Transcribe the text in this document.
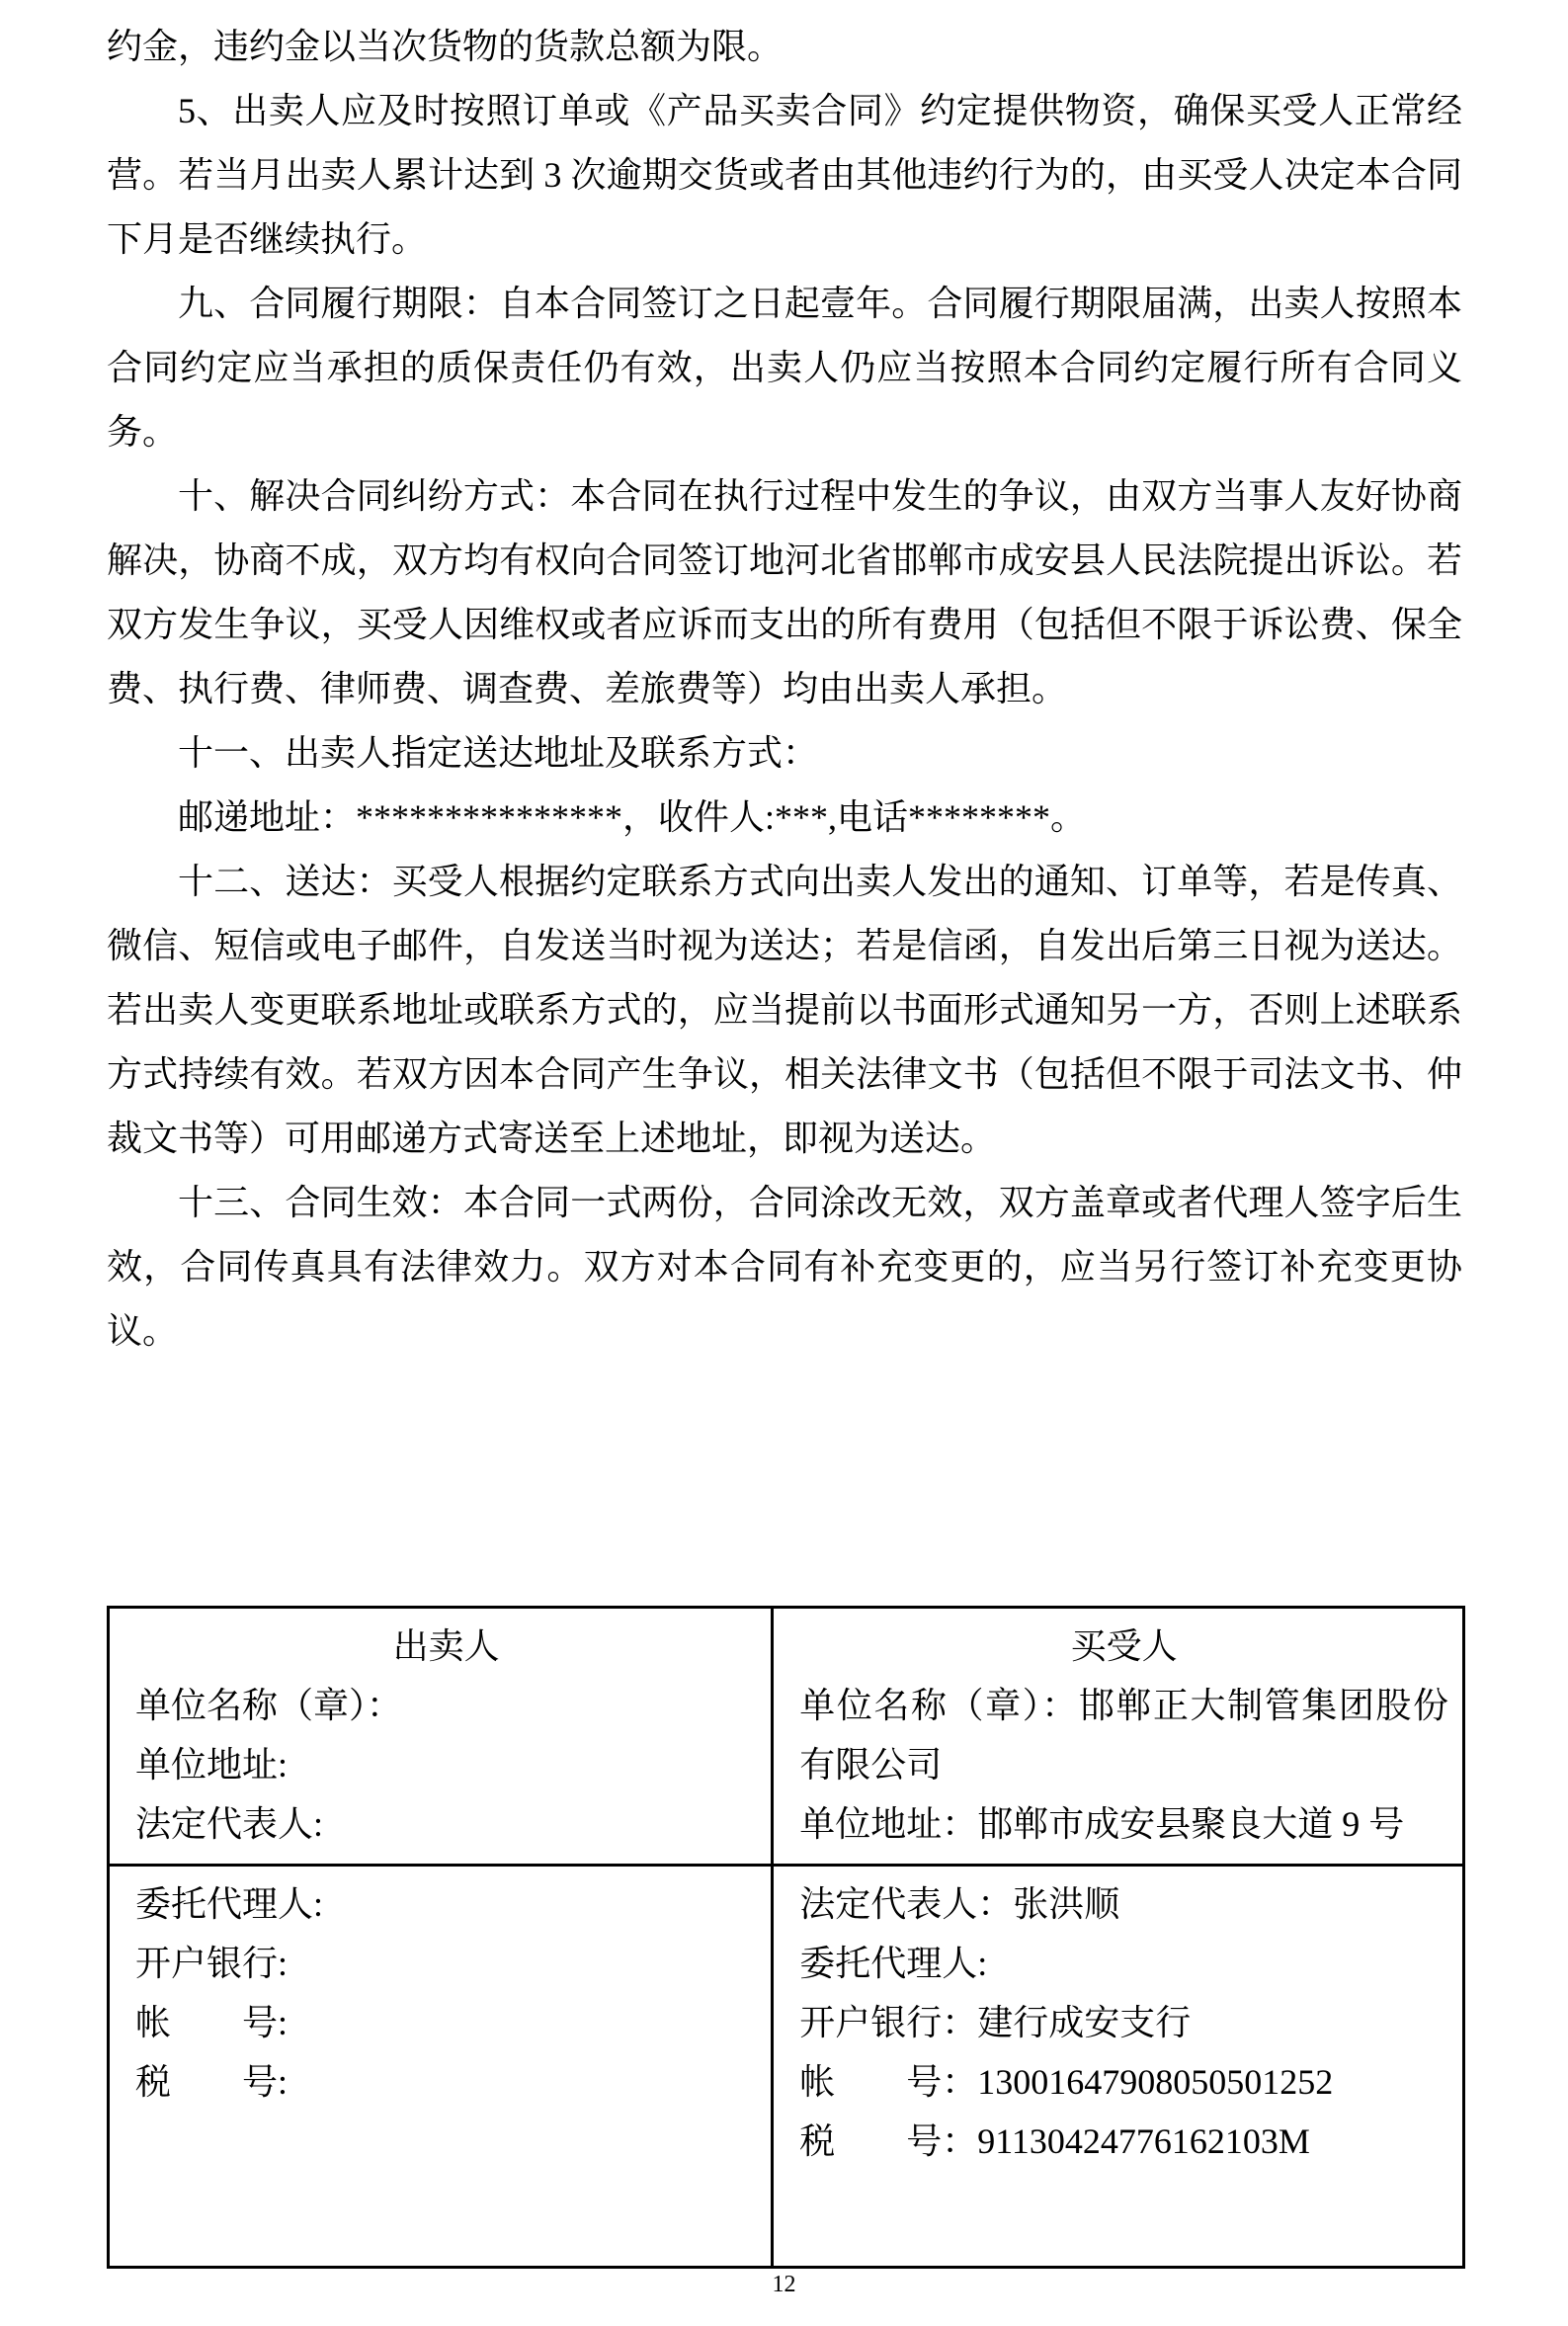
约金，违约金以当次货物的货款总额为限。

5、出卖人应及时按照订单或《产品买卖合同》约定提供物资，确保买受人正常经营。若当月出卖人累计达到 3 次逾期交货或者由其他违约行为的，由买受人决定本合同下月是否继续执行。

九、合同履行期限：自本合同签订之日起壹年。合同履行期限届满，出卖人按照本合同约定应当承担的质保责任仍有效，出卖人仍应当按照本合同约定履行所有合同义务。

十、解决合同纠纷方式：本合同在执行过程中发生的争议，由双方当事人友好协商解决，协商不成，双方均有权向合同签订地河北省邯郸市成安县人民法院提出诉讼。若双方发生争议，买受人因维权或者应诉而支出的所有费用（包括但不限于诉讼费、保全费、执行费、律师费、调查费、差旅费等）均由出卖人承担。

十一、出卖人指定送达地址及联系方式：

邮递地址：***************，收件人:***,电话********。

十二、送达：买受人根据约定联系方式向出卖人发出的通知、订单等，若是传真、微信、短信或电子邮件，自发送当时视为送达；若是信函，自发出后第三日视为送达。若出卖人变更联系地址或联系方式的，应当提前以书面形式通知另一方，否则上述联系方式持续有效。若双方因本合同产生争议，相关法律文书（包括但不限于司法文书、仲裁文书等）可用邮递方式寄送至上述地址，即视为送达。

十三、合同生效：本合同一式两份，合同涂改无效，双方盖章或者代理人签字后生效，合同传真具有法律效力。双方对本合同有补充变更的，应当另行签订补充变更协议。

出卖人
单位名称（章）：
单位地址:
法定代表人:

买受人
单位名称（章）：邯郸正大制管集团股份有限公司
单位地址：邯郸市成安县聚良大道 9 号

委托代理人:
开户银行:
帐　　号:
税　　号:

法定代表人：张洪顺
委托代理人:
开户银行：建行成安支行
帐　　号：13001647908050501252
税　　号：91130424776162103M
12
